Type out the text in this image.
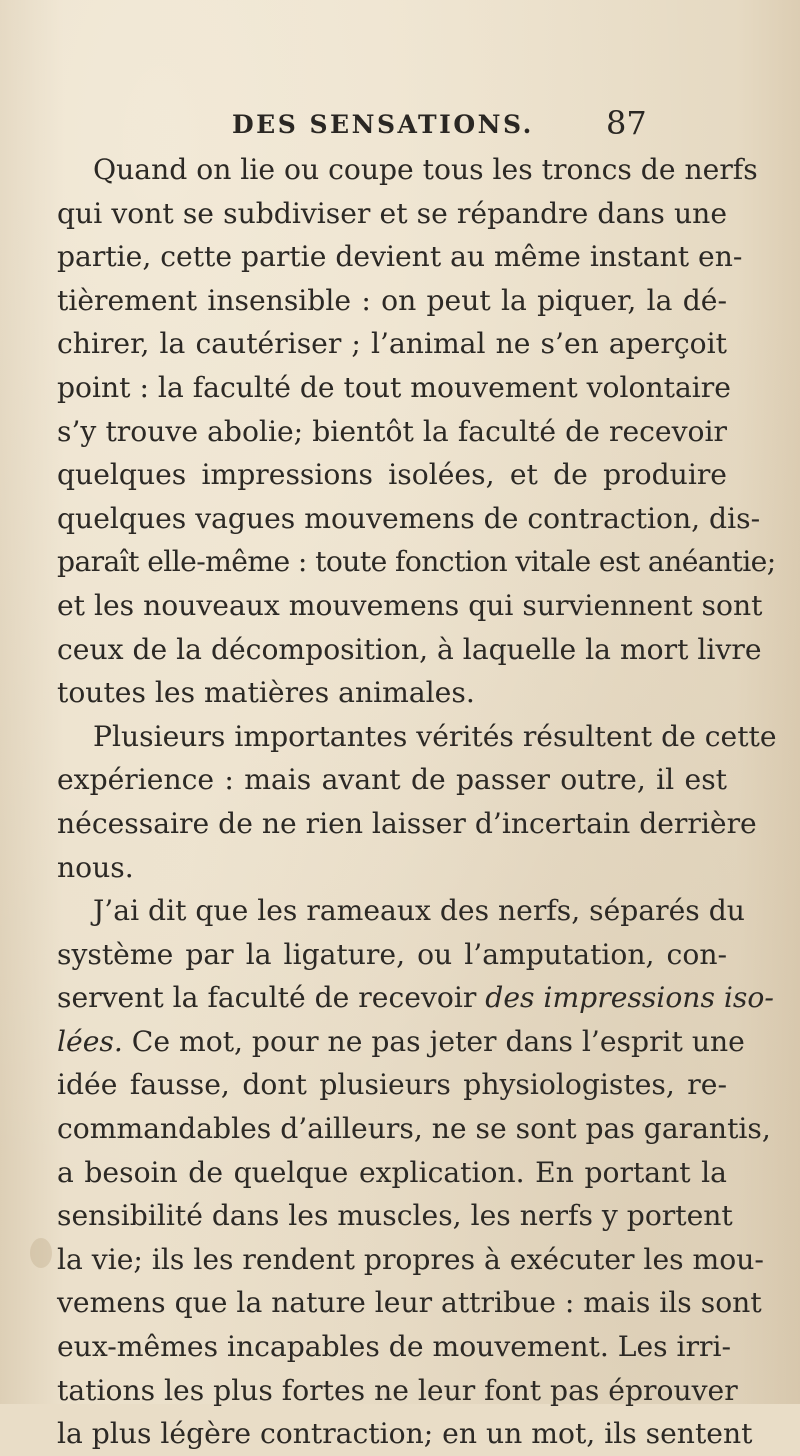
DES SENSATIONS. 87
Quand on lie ou coupe tous les troncs de nerfs
qui vont se subdiviser et se répandre dans une
partie, cette partie devient au même instant en-
tièrement insensible : on peut la piquer, la dé-
chirer, la cautériser ; l’animal ne s’en aperçoit
point : la faculté de tout mouvement volontaire
s’y trouve abolie; bientôt la faculté de recevoir
quelques impressions isolées, et de produire
quelques vagues mouvemens de contraction, dis-
paraît elle-même : toute fonction vitale est anéantie;
et les nouveaux mouvemens qui surviennent sont
ceux de la décomposition, à laquelle la mort livre
toutes les matières animales.
Plusieurs importantes vérités résultent de cette
expérience : mais avant de passer outre, il est
nécessaire de ne rien laisser d’incertain derrière
nous.
J’ai dit que les rameaux des nerfs, séparés du
système par la ligature, ou l’amputation, con-
servent la faculté de recevoir des impressions iso-
lées. Ce mot, pour ne pas jeter dans l’esprit une
idée fausse, dont plusieurs physiologistes, re-
commandables d’ailleurs, ne se sont pas garantis,
a besoin de quelque explication. En portant la
sensibilité dans les muscles, les nerfs y portent
la vie; ils les rendent propres à exécuter les mou-
vemens que la nature leur attribue : mais ils sont
eux-mêmes incapables de mouvement. Les irri-
tations les plus fortes ne leur font pas éprouver
la plus légère contraction; en un mot, ils sentent
